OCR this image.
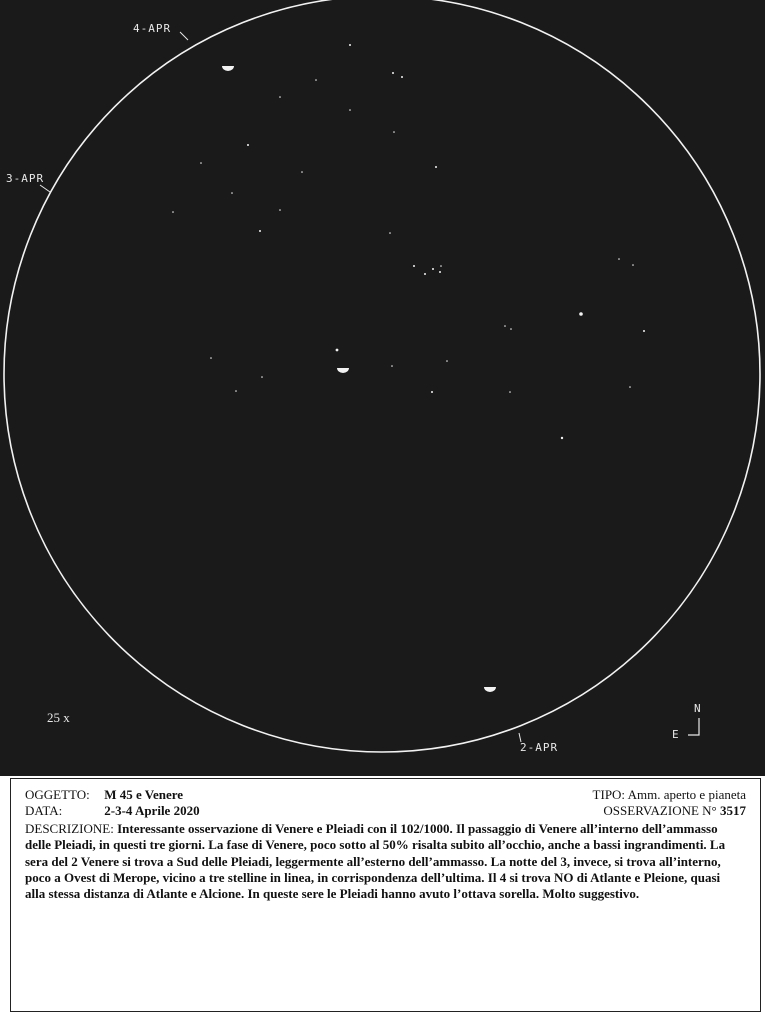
4-APR
3-APR
2-APR
25 x
N
E
OGGETTO: M 45 e Venere	TIPO: Amm. aperto e pianeta
DATA:	2-3-4 Aprile 2020	OSSERVAZIONE N° 3517
DESCRIZIONE: Interessante osservazione di Venere e Pleiadi con il 102/1000. Il passaggio di Venere all’interno dell’ammasso delle Pleiadi, in questi tre giorni. La fase di Venere, poco sotto al 50% risalta subito all’occhio, anche a bassi ingrandimenti. La sera del 2 Venere si trova a Sud delle Pleiadi, leggermente all’esterno dell’ammasso. La notte del 3, invece, si trova all’interno, poco a Ovest di Merope, vicino a tre stelline in linea, in corrispondenza dell’ultima. Il 4 si trova NO di Atlante e Pleione, quasi alla stessa distanza di Atlante e Alcione. In queste sere le Pleiadi hanno avuto l’ottava sorella. Molto suggestivo.
